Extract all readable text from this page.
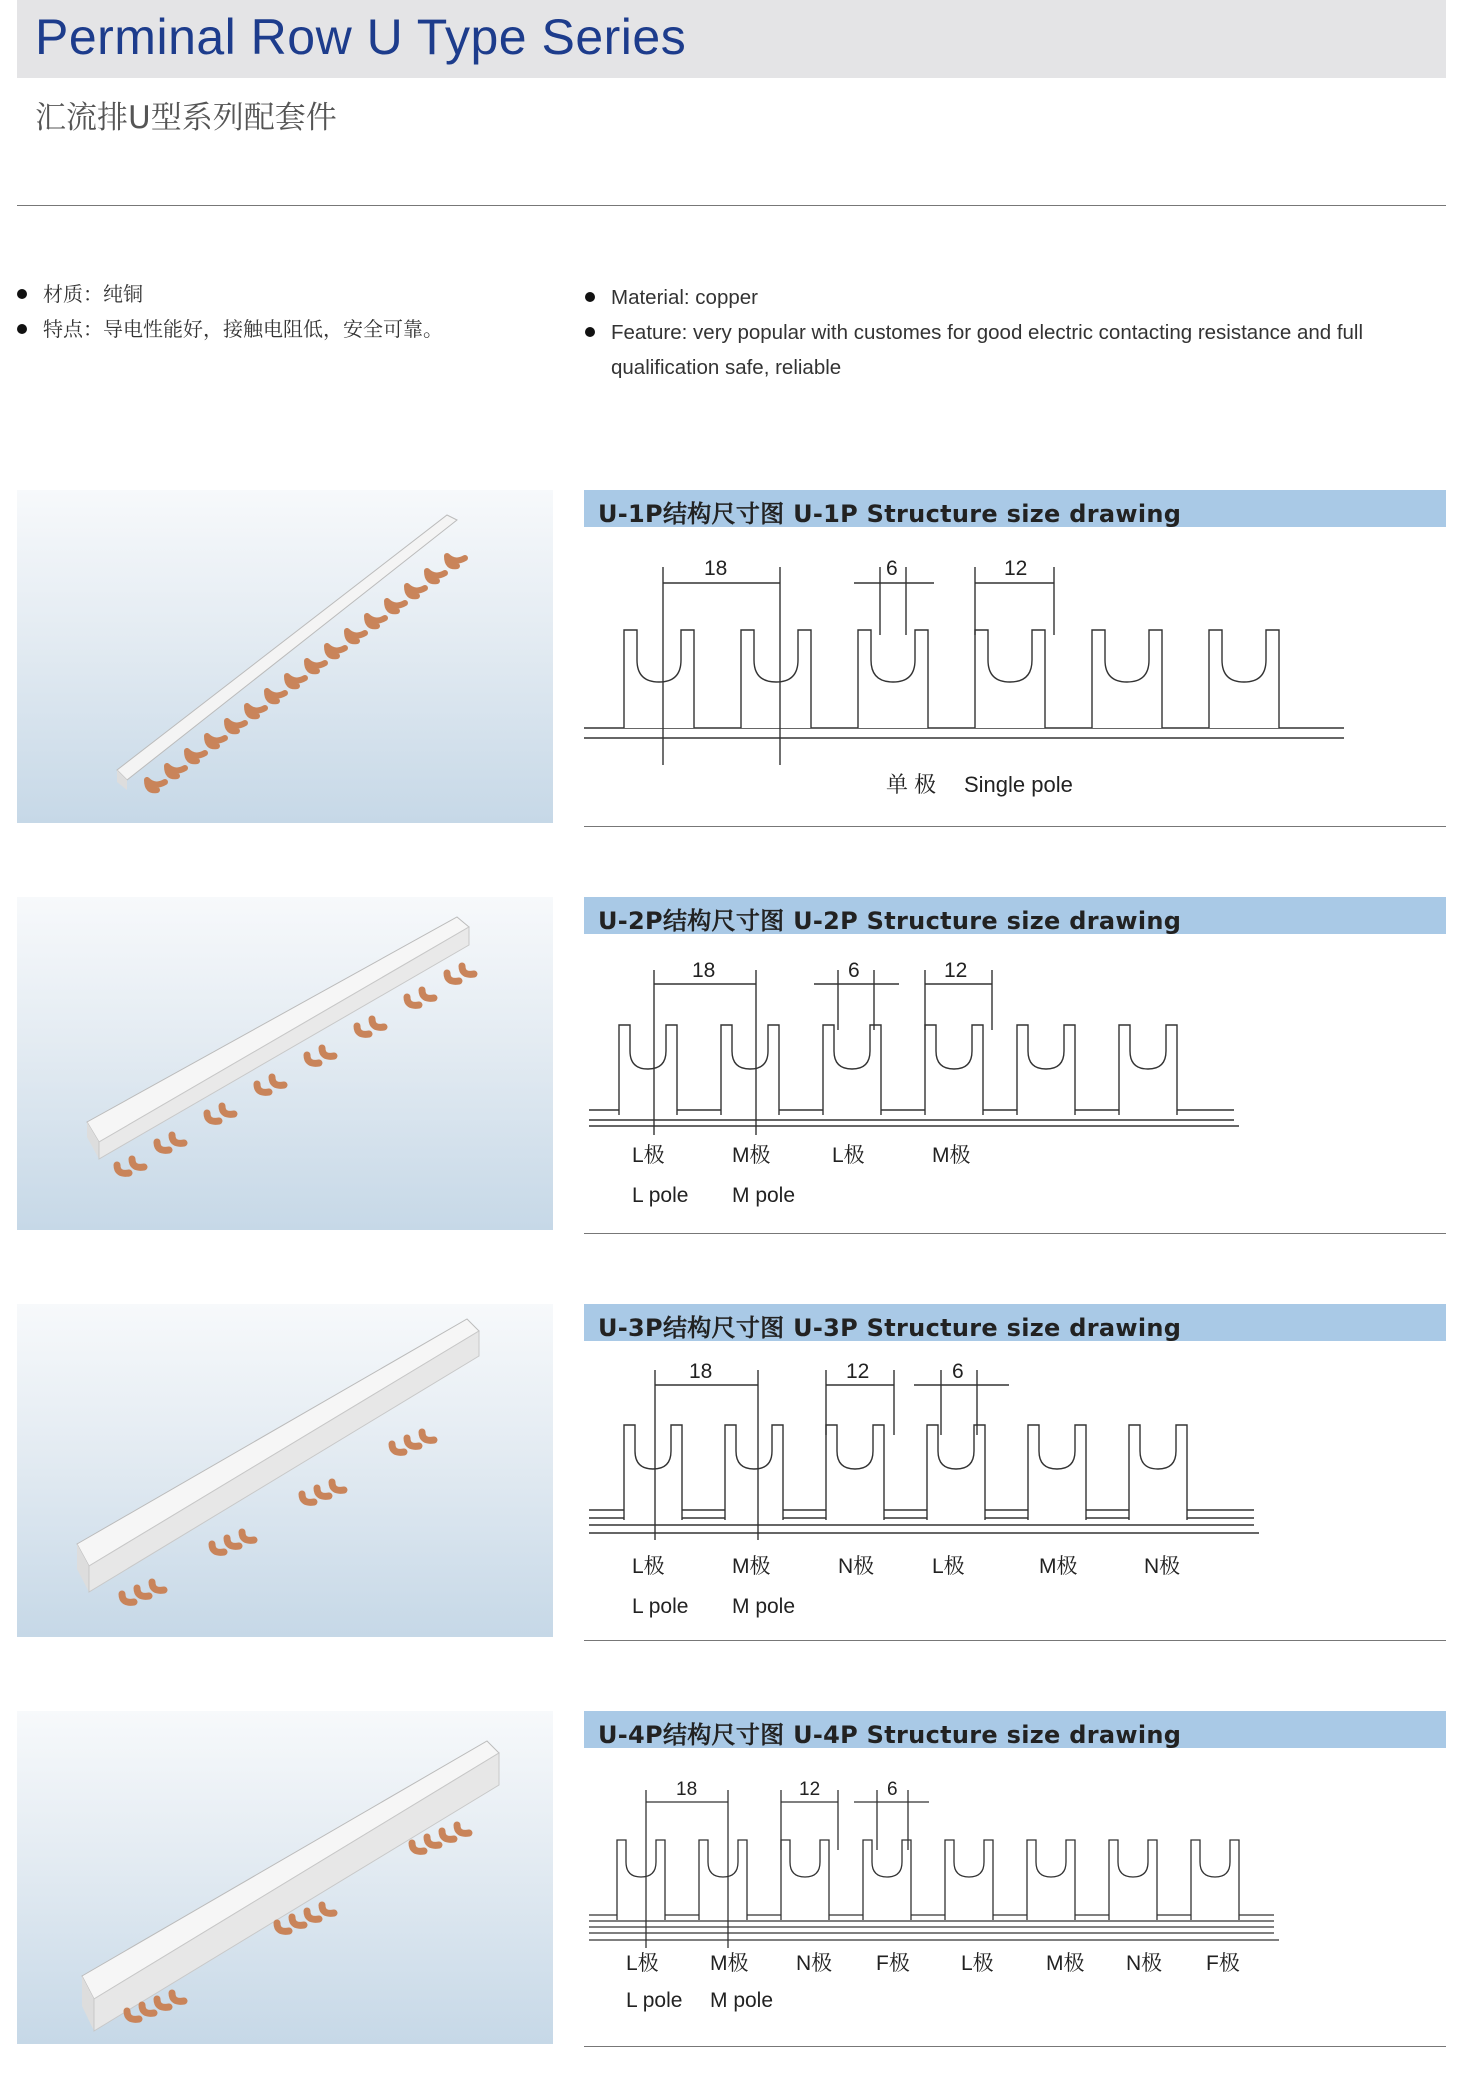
Perminal Row U Type Series
汇流排U型系列配套件
材质：纯铜
特点：导电性能好，接触电阻低，安全可靠。
Material: copper
Feature: very popular with customes for good electric contacting resistance and full
qualification safe, reliable
U-1P结构尺寸图 U-1P Structure size drawing
18	6	12
单 极 Single pole
U-2P结构尺寸图 U-2P Structure size drawing
18	6	12
L极	M极	L极	M极
L pole M pole
U-3P结构尺寸图 U-3P Structure size drawing
18	12	6
L极	M极	N极	L极	M极	N极
L pole M pole
U-4P结构尺寸图 U-4P Structure size drawing
18	12	6
L极 M极 N极 F极 L极 M极 N极 F极
L pole M pole
